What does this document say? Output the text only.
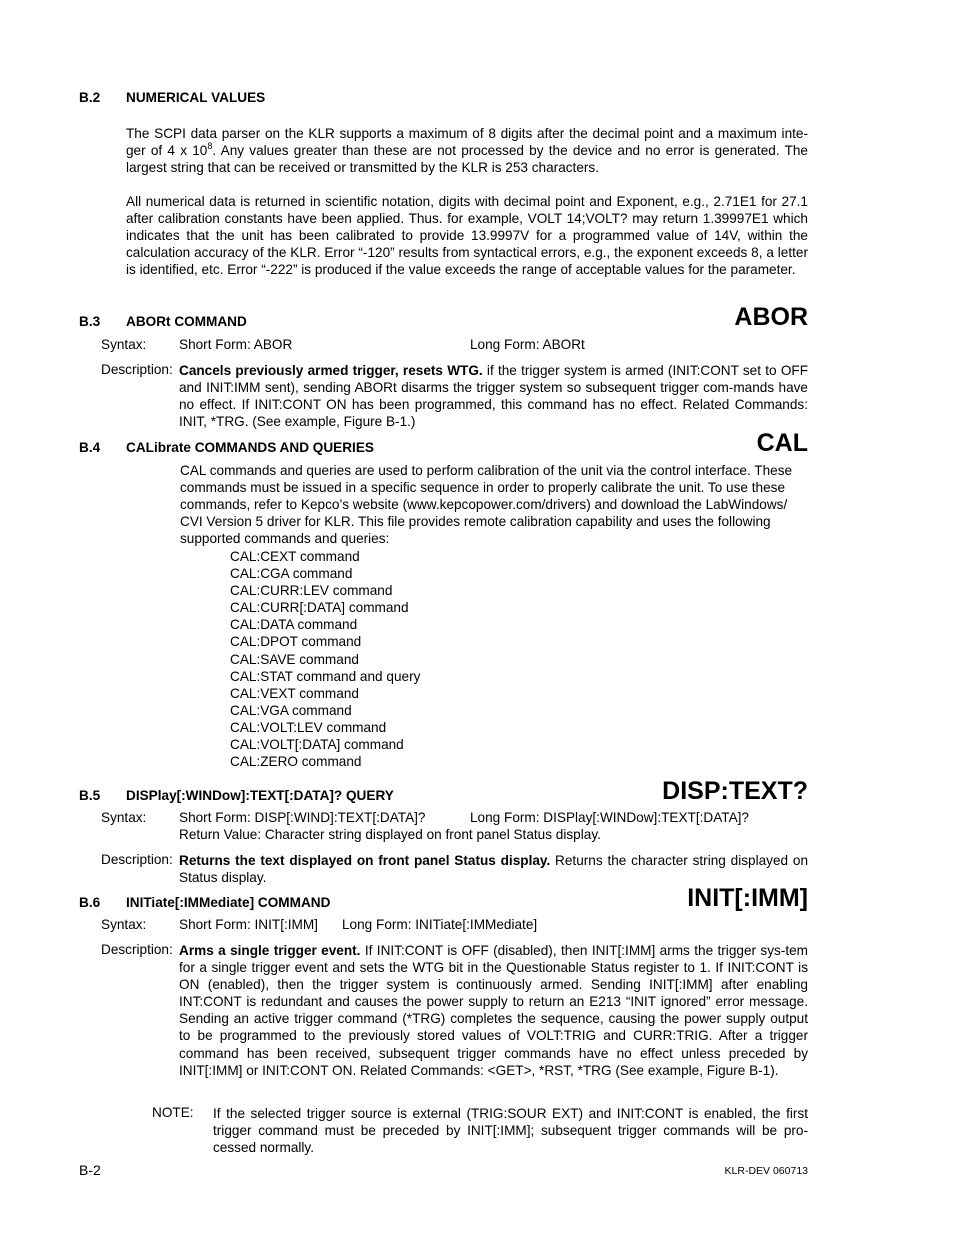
B.2 NUMERICAL VALUES
The SCPI data parser on the KLR supports a maximum of 8 digits after the decimal point and a maximum inte-
ger of 4 x $10^8$. Any values greater than these are not processed by the device and no error is generated. The
largest string that can be received or transmitted by the KLR is 253 characters.
All numerical data is returned in scientific notation, digits with decimal point and Exponent, e.g., 2.71E1 for 27.1 after calibration constants have been applied. Thus. for example, VOLT 14;VOLT? may return 1.39997E1 which indicates that the unit has been calibrated to provide 13.9997V for a programmed value of 14V, within the calculation accuracy of the KLR. Error “-120” results from syntactical errors, e.g., the exponent exceeds 8, a letter is identified, etc. Error “-222” is produced if the value exceeds the range of acceptable values for the parameter.
B.3 ABORt COMMAND	ABOR
Syntax: Short Form: ABOR	Long Form: ABORt
Description: Cancels previously armed trigger, resets WTG. if the trigger system is armed (INIT:CONT set to OFF and INIT:IMM sent), sending ABORt disarms the trigger system so subsequent trigger com-mands have no effect. If INIT:CONT ON has been programmed, this command has no effect. Related Commands: INIT, *TRG. (See example, Figure B-1.)
B.4 CALibrate COMMANDS AND QUERIES	CAL
CAL commands and queries are used to perform calibration of the unit via the control interface. These
commands must be issued in a specific sequence in order to properly calibrate the unit. To use these
commands, refer to Kepco’s website (www.kepcopower.com/drivers) and download the LabWindows/
CVI Version 5 driver for KLR. This file provides remote calibration capability and uses the following
supported commands and queries:
CAL:CEXT command
CAL:CGA command
CAL:CURR:LEV command
CAL:CURR[:DATA] command
CAL:DATA command
CAL:DPOT command
CAL:SAVE command
CAL:STAT command and query
CAL:VEXT command
CAL:VGA command
CAL:VOLT:LEV command
CAL:VOLT[:DATA] command
CAL:ZERO command
B.5 DISPlay[:WINDow]:TEXT[:DATA]? QUERY	DISP:TEXT?
Syntax: Short Form: DISP[:WIND]:TEXT[:DATA]?	Long Form: DISPlay[:WINDow]:TEXT[:DATA]?
Return Value: Character string displayed on front panel Status display.
Description: Returns the text displayed on front panel Status display. Returns the character string displayed on Status display.
B.6 INITiate[:IMMediate] COMMAND	INIT[:IMM]
Syntax: Short Form: INIT[:IMM] Long Form: INITiate[:IMMediate]
Description: Arms a single trigger event. If INIT:CONT is OFF (disabled), then INIT[:IMM] arms the trigger sys-tem for a single trigger event and sets the WTG bit in the Questionable Status register to 1. If INIT:CONT is ON (enabled), then the trigger system is continuously armed. Sending INIT[:IMM] after enabling INT:CONT is redundant and causes the power supply to return an E213 “INIT ignored” error message. Sending an active trigger command (*TRG) completes the sequence, causing the power supply output to be programmed to the previously stored values of VOLT:TRIG and CURR:TRIG. After a trigger command has been received, subsequent trigger commands have no effect unless preceded by INIT[:IMM] or INIT:CONT ON. Related Commands: <GET>, *RST, *TRG (See example, Figure B-1).
NOTE: If the selected trigger source is external (TRIG:SOUR EXT) and INIT:CONT is enabled, the first trigger command must be preceded by INIT[:IMM]; subsequent trigger commands will be pro-cessed normally.
B-2	KLR-DEV 060713
